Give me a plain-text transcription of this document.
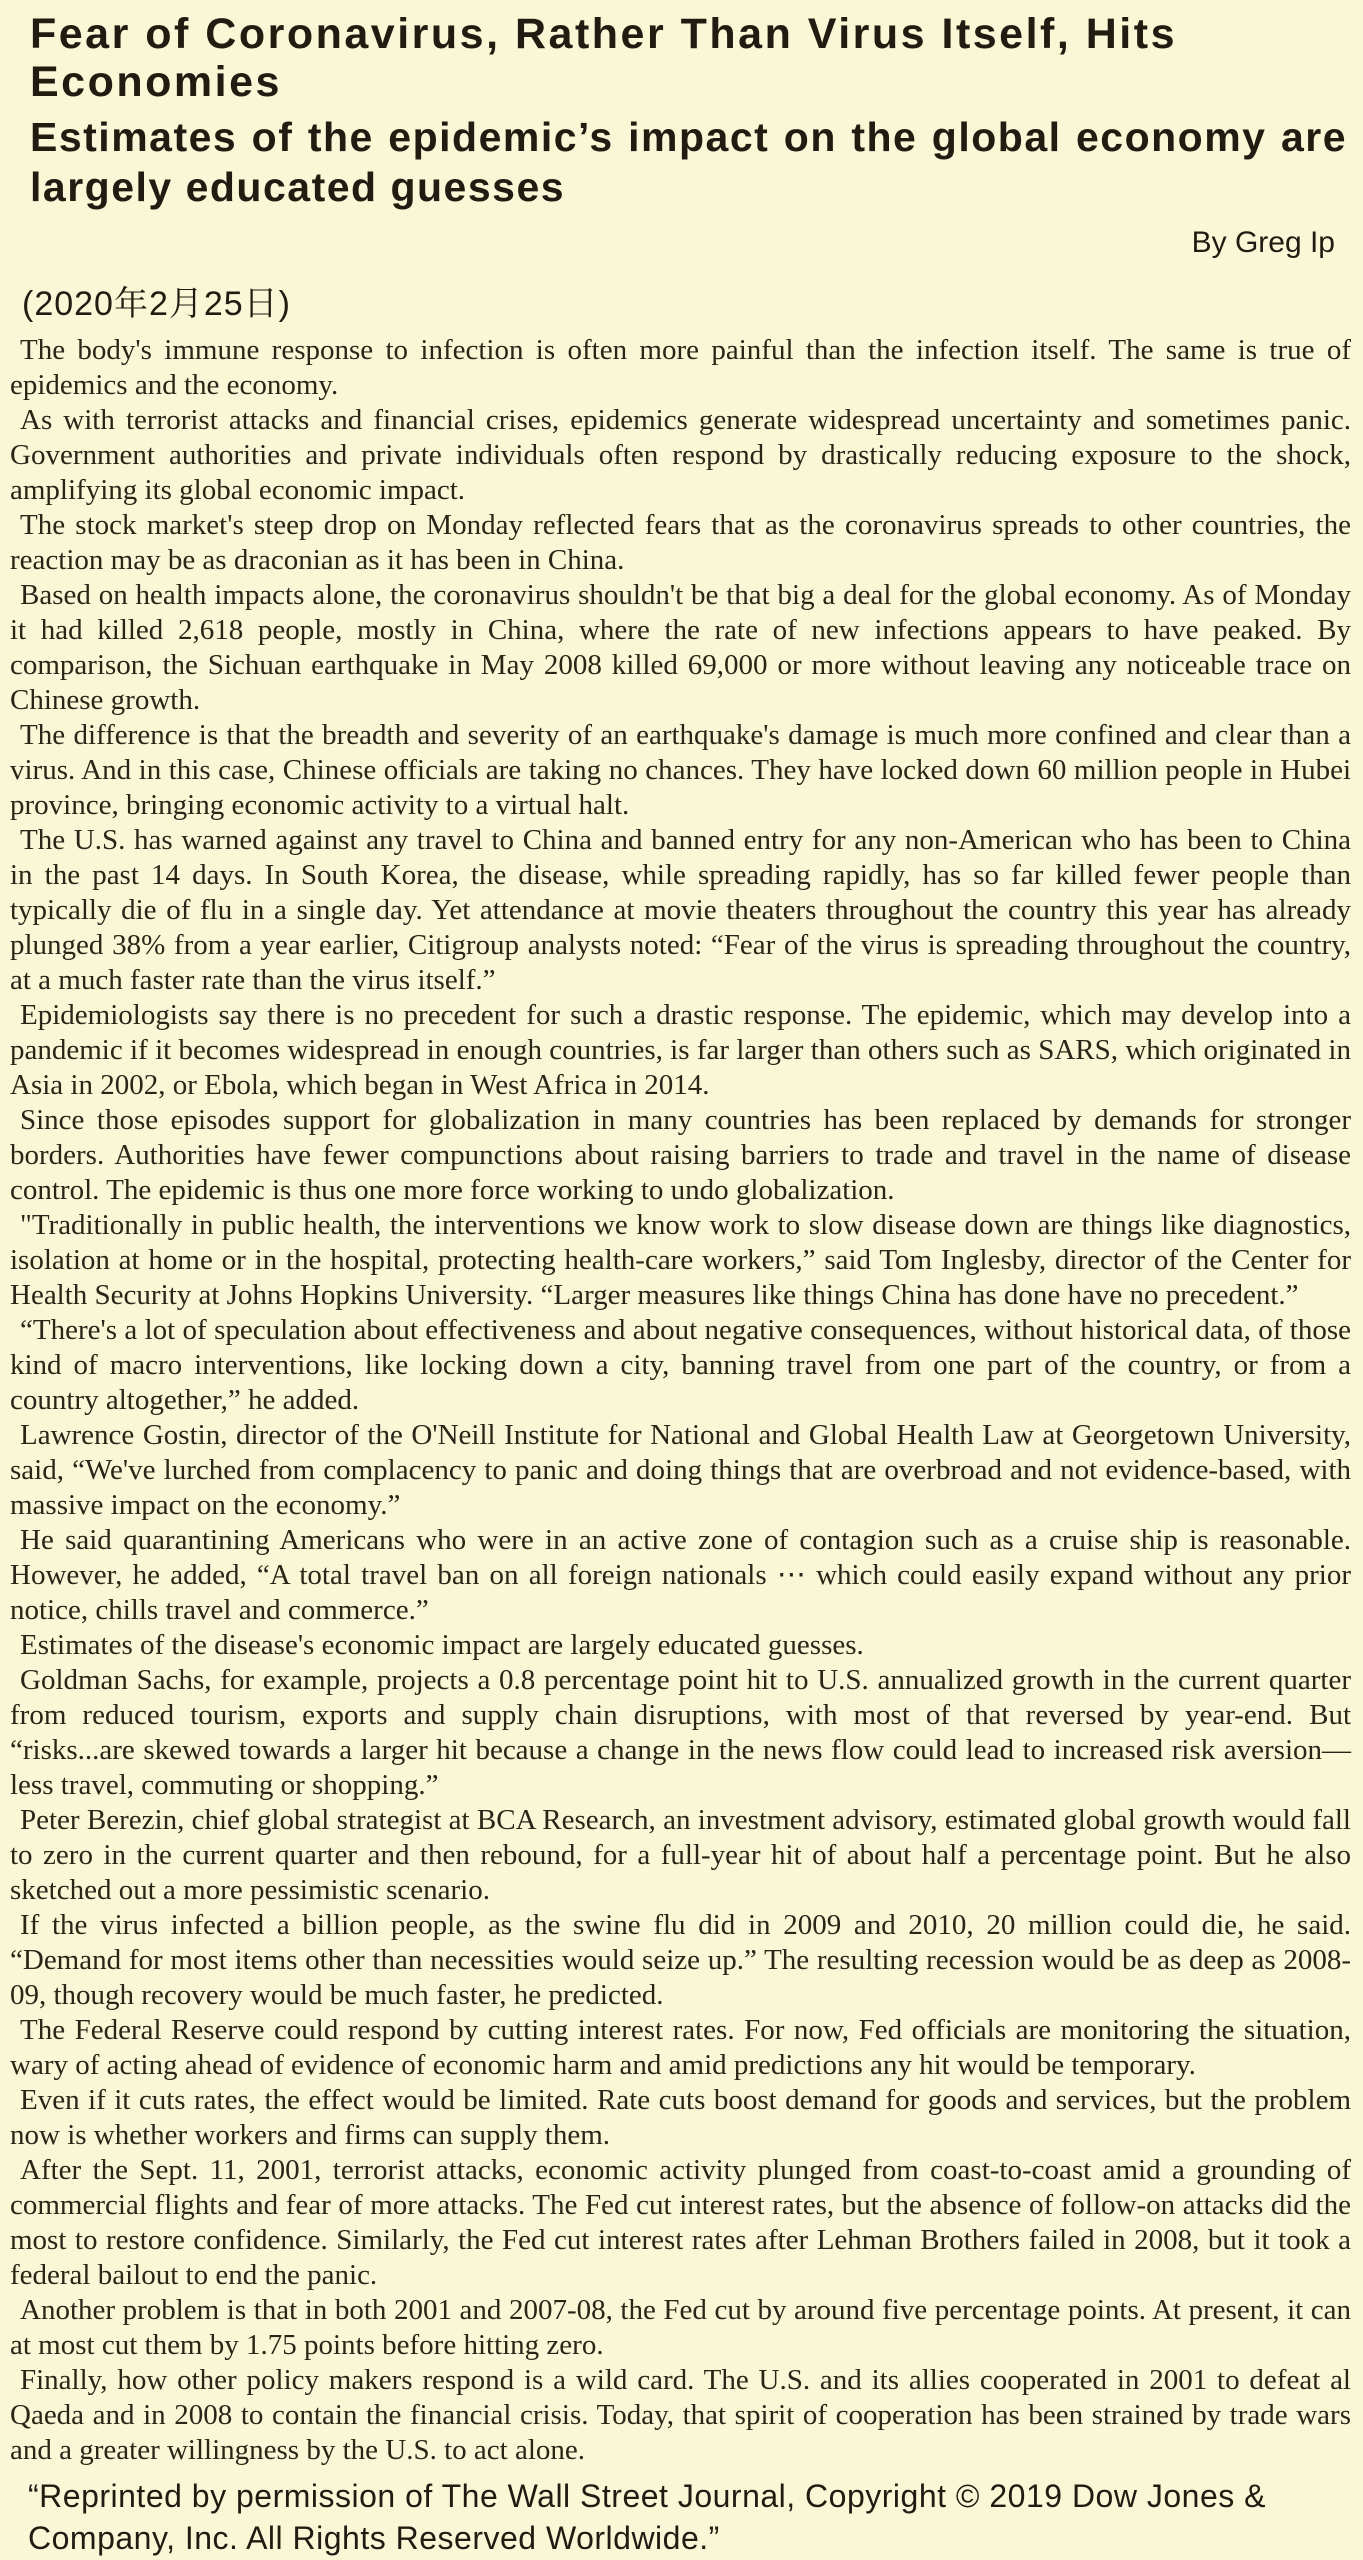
Fear of Coronavirus, Rather Than Virus Itself, Hits Economies
Estimates of the epidemic’s impact on the global economy are largely educated guesses
By Greg Ip
(2020年2月25日)

The body's immune response to infection is often more painful than the infection itself. The same is true of epidemics and the economy.

As with terrorist attacks and financial crises, epidemics generate widespread uncertainty and sometimes panic. Government authorities and private individuals often respond by drastically reducing exposure to the shock, amplifying its global economic impact.

The stock market's steep drop on Monday reflected fears that as the coronavirus spreads to other countries, the reaction may be as draconian as it has been in China.

Based on health impacts alone, the coronavirus shouldn't be that big a deal for the global economy. As of Monday it had killed 2,618 people, mostly in China, where the rate of new infections appears to have peaked. By comparison, the Sichuan earthquake in May 2008 killed 69,000 or more without leaving any noticeable trace on Chinese growth.

The difference is that the breadth and severity of an earthquake's damage is much more confined and clear than a virus. And in this case, Chinese officials are taking no chances. They have locked down 60 million people in Hubei province, bringing economic activity to a virtual halt.

The U.S. has warned against any travel to China and banned entry for any non-American who has been to China in the past 14 days. In South Korea, the disease, while spreading rapidly, has so far killed fewer people than typically die of flu in a single day. Yet attendance at movie theaters throughout the country this year has already plunged 38% from a year earlier, Citigroup analysts noted: “Fear of the virus is spreading throughout the country, at a much faster rate than the virus itself.”

Epidemiologists say there is no precedent for such a drastic response. The epidemic, which may develop into a pandemic if it becomes widespread in enough countries, is far larger than others such as SARS, which originated in Asia in 2002, or Ebola, which began in West Africa in 2014.

Since those episodes support for globalization in many countries has been replaced by demands for stronger borders. Authorities have fewer compunctions about raising barriers to trade and travel in the name of disease control. The epidemic is thus one more force working to undo globalization.

"Traditionally in public health, the interventions we know work to slow disease down are things like diagnostics, isolation at home or in the hospital, protecting health-care workers,” said Tom Inglesby, director of the Center for Health Security at Johns Hopkins University. “Larger measures like things China has done have no precedent.”

“There's a lot of speculation about effectiveness and about negative consequences, without historical data, of those kind of macro interventions, like locking down a city, banning travel from one part of the country, or from a country altogether,” he added.

Lawrence Gostin, director of the O'Neill Institute for National and Global Health Law at Georgetown University, said, “We've lurched from complacency to panic and doing things that are overbroad and not evidence-based, with massive impact on the economy.”

He said quarantining Americans who were in an active zone of contagion such as a cruise ship is reasonable. However, he added, “A total travel ban on all foreign nationals ⋯ which could easily expand without any prior notice, chills travel and commerce.”

Estimates of the disease's economic impact are largely educated guesses.

Goldman Sachs, for example, projects a 0.8 percentage point hit to U.S. annualized growth in the current quarter from reduced tourism, exports and supply chain disruptions, with most of that reversed by year-end. But “risks...are skewed towards a larger hit because a change in the news flow could lead to increased risk aversion—less travel, commuting or shopping.”

Peter Berezin, chief global strategist at BCA Research, an investment advisory, estimated global growth would fall to zero in the current quarter and then rebound, for a full-year hit of about half a percentage point. But he also sketched out a more pessimistic scenario.

If the virus infected a billion people, as the swine flu did in 2009 and 2010, 20 million could die, he said. “Demand for most items other than necessities would seize up.” The resulting recession would be as deep as 2008-09, though recovery would be much faster, he predicted.

The Federal Reserve could respond by cutting interest rates. For now, Fed officials are monitoring the situation, wary of acting ahead of evidence of economic harm and amid predictions any hit would be temporary.

Even if it cuts rates, the effect would be limited. Rate cuts boost demand for goods and services, but the problem now is whether workers and firms can supply them.

After the Sept. 11, 2001, terrorist attacks, economic activity plunged from coast-to-coast amid a grounding of commercial flights and fear of more attacks. The Fed cut interest rates, but the absence of follow-on attacks did the most to restore confidence. Similarly, the Fed cut interest rates after Lehman Brothers failed in 2008, but it took a federal bailout to end the panic.

Another problem is that in both 2001 and 2007-08, the Fed cut by around five percentage points. At present, it can at most cut them by 1.75 points before hitting zero.

Finally, how other policy makers respond is a wild card. The U.S. and its allies cooperated in 2001 to defeat al Qaeda and in 2008 to contain the financial crisis. Today, that spirit of cooperation has been strained by trade wars and a greater willingness by the U.S. to act alone.

“Reprinted by permission of The Wall Street Journal, Copyright © 2019 Dow Jones & Company, Inc. All Rights Reserved Worldwide.”
